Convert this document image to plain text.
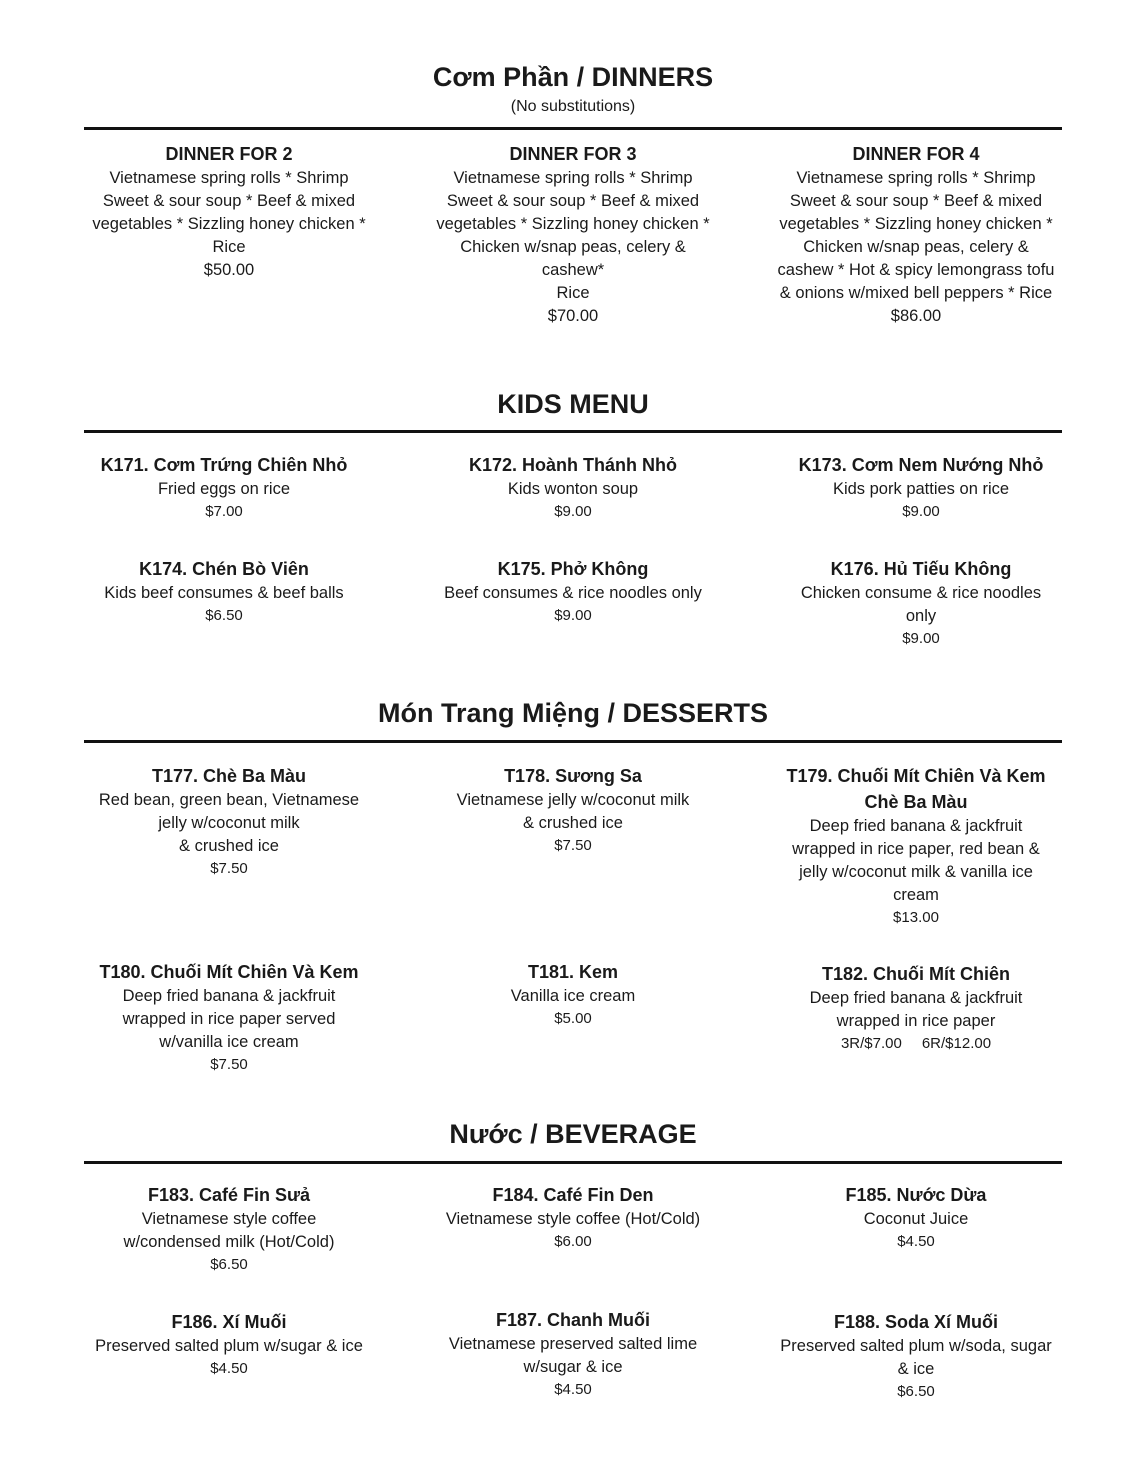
Cơm Phần / DINNERS
(No substitutions)
DINNER FOR 2
Vietnamese spring rolls * Shrimp
Sweet & sour soup * Beef & mixed
vegetables * Sizzling honey chicken *
Rice
$50.00
DINNER FOR 3
Vietnamese spring rolls * Shrimp
Sweet & sour soup * Beef & mixed
vegetables * Sizzling honey chicken *
Chicken w/snap peas, celery &
cashew*
Rice
$70.00
DINNER FOR 4
Vietnamese spring rolls * Shrimp
Sweet & sour soup * Beef & mixed
vegetables * Sizzling honey chicken *
Chicken w/snap peas, celery &
cashew * Hot & spicy lemongrass tofu
& onions w/mixed bell peppers * Rice
$86.00
KIDS MENU
K171. Cơm Trứng Chiên Nhỏ
Fried eggs on rice
$7.00
K172. Hoành Thánh Nhỏ
Kids wonton soup
$9.00
K173. Cơm Nem Nướng Nhỏ
Kids pork patties on rice
$9.00
K174. Chén Bò Viên
Kids beef consumes & beef balls
$6.50
K175. Phở Không
Beef consumes & rice noodles only
$9.00
K176. Hủ Tiếu Không
Chicken consume & rice noodles
only
$9.00
Món Trang Miệng / DESSERTS
T177. Chè Ba Màu
Red bean, green bean, Vietnamese
jelly w/coconut milk
& crushed ice
$7.50
T178. Sương Sa
Vietnamese jelly w/coconut milk
& crushed ice
$7.50
T179. Chuối Mít Chiên Và Kem
Chè Ba Màu
Deep fried banana & jackfruit
wrapped in rice paper, red bean &
jelly w/coconut milk & vanilla ice
cream
$13.00
T180. Chuối Mít Chiên Và Kem
Deep fried banana & jackfruit
wrapped in rice paper served
w/vanilla ice cream
$7.50
T181. Kem
Vanilla ice cream
$5.00
T182. Chuối Mít Chiên
Deep fried banana & jackfruit
wrapped in rice paper
3R/$7.00 6R/$12.00
Nước / BEVERAGE
F183. Café Fin Sưả
Vietnamese style coffee
w/condensed milk (Hot/Cold)
$6.50
F184. Café Fin Den
Vietnamese style coffee (Hot/Cold)
$6.00
F185. Nước Dừa
Coconut Juice
$4.50
F186. Xí Muối
Preserved salted plum w/sugar & ice
$4.50
F187. Chanh Muối
Vietnamese preserved salted lime
w/sugar & ice
$4.50
F188. Soda Xí Muối
Preserved salted plum w/soda, sugar
& ice
$6.50
